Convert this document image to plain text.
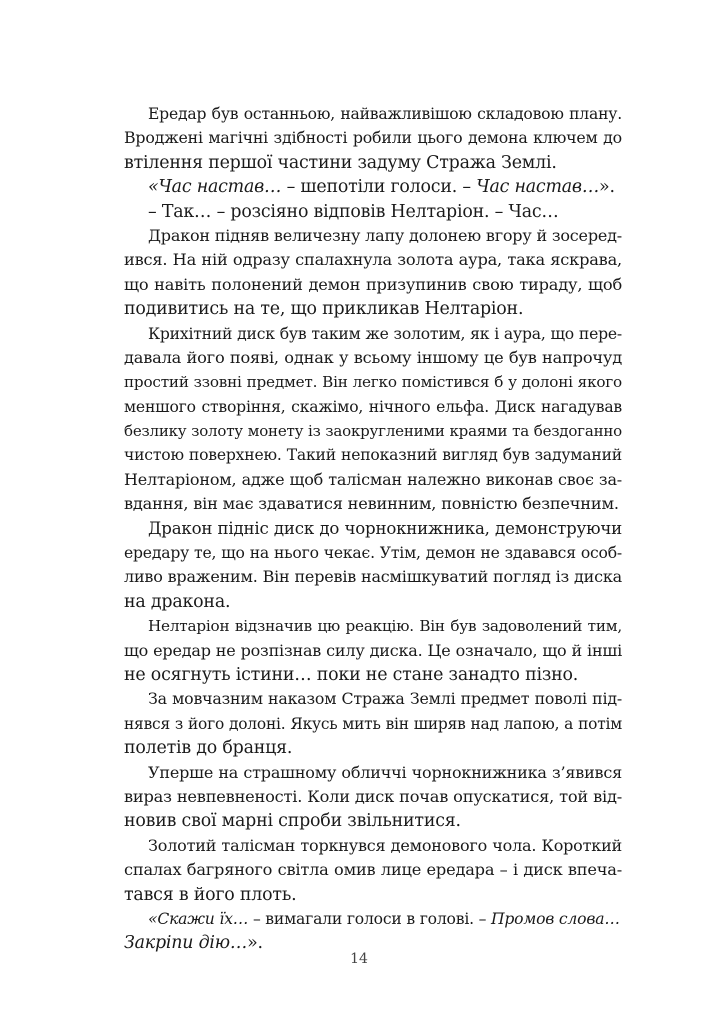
Ередар був останньою, найважливішою складовою плану.
Вроджені магічні здібності робили цього демона ключем до
втілення першої частини задуму Стража Землі.
«Час настав… – шепотіли голоси. – Час настав…».
– Так… – розсіяно відповів Нелтаріон. – Час…
Дракон підняв величезну лапу долонею вгору й зосеред-
ився. На ній одразу спалахнула золота аура, така яскрава,
що навіть полонений демон призупинив свою тираду, щоб
подивитись на те, що прикликав Нелтаріон.
Крихітний диск був таким же золотим, як і аура, що пере-
давала його появі, однак у всьому іншому це був напрочуд
простий ззовні предмет. Він легко помістився б у долоні якого
меншого створіння, скажімо, нічного ельфа. Диск нагадував
безлику золоту монету із заокругленими краями та бездоганно
чистою поверхнею. Такий непоказний вигляд був задуманий
Нелтаріоном, адже щоб талісман належно виконав своє за-
вдання, він має здаватися невинним, повністю безпечним.
Дракон підніс диск до чорнокнижника, демонструючи
ередару те, що на нього чекає. Утім, демон не здавався особ-
ливо враженим. Він перевів насмішкуватий погляд із диска
на дракона.
Нелтаріон відзначив цю реакцію. Він був задоволений тим,
що ередар не розпізнав силу диска. Це означало, що й інші
не осягнуть істини… поки не стане занадто пізно.
За мовчазним наказом Стража Землі предмет поволі під-
нявся з його долоні. Якусь мить він ширяв над лапою, а потім
полетів до бранця.
Уперше на страшному обличчі чорнокнижника з’явився
вираз невпевненості. Коли диск почав опускатися, той від-
новив свої марні спроби звільнитися.
Золотий талісман торкнувся демонового чола. Короткий
спалах багряного світла омив лице ередара – і диск впеча-
тався в його плоть.
«Скажи їх… – вимагали голоси в голові. – Промов слова…
Закріпи дію…».
14
